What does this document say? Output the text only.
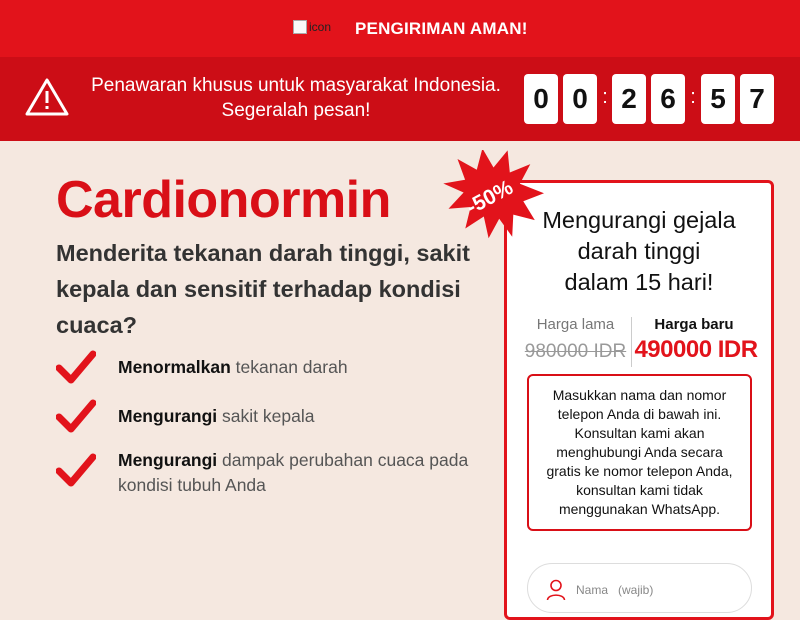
icon PENGIRIMAN AMAN!
Penawaran khusus untuk masyarakat Indonesia.
Segeralah pesan!	0 0 : 2 6 : 5 7
Cardionormin
Menderita tekanan darah tinggi, sakit kepala dan sensitif terhadap kondisi cuaca?
Menormalkan tekanan darah
Mengurangi sakit kepala
Mengurangi dampak perubahan cuaca pada kondisi tubuh Anda
Mengurangi gejala
darah tinggi
dalam 15 hari!
Harga lama
980000 IDR
Harga baru
490000 IDR
Masukkan nama dan nomor telepon Anda di bawah ini. Konsultan kami akan menghubungi Anda secara gratis ke nomor telepon Anda, konsultan kami tidak menggunakan WhatsApp.
Nama (wajib)
-50%
